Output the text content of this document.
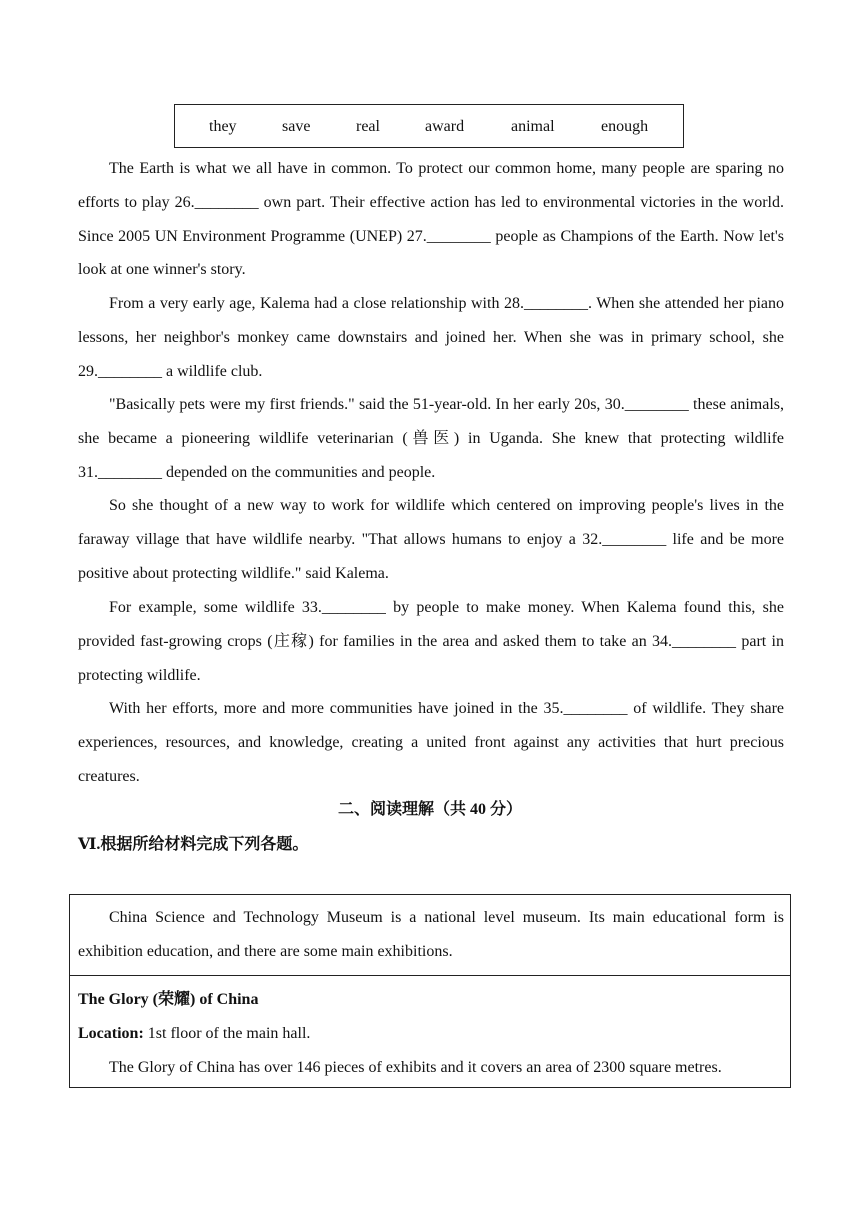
they	save	real	award	animal	enough

The Earth is what we all have in common. To protect our common home, many people are sparing no efforts to play 26.________ own part. Their effective action has led to environmental victories in the world. Since 2005 UN Environment Programme (UNEP) 27.________ people as Champions of the Earth. Now let's look at one winner's story.

From a very early age, Kalema had a close relationship with 28.________. When she attended her piano lessons, her neighbor's monkey came downstairs and joined her. When she was in primary school, she 29.________ a wildlife club.

"Basically pets were my first friends." said the 51-year-old. In her early 20s, 30.________ these animals, she became a pioneering wildlife veterinarian (兽医) in Uganda. She knew that protecting wildlife 31.________ depended on the communities and people.

So she thought of a new way to work for wildlife which centered on improving people's lives in the faraway village that have wildlife nearby. "That allows humans to enjoy a 32.________ life and be more positive about protecting wildlife." said Kalema.

For example, some wildlife 33.________ by people to make money. When Kalema found this, she provided fast-growing crops (庄稼) for families in the area and asked them to take an 34.________ part in protecting wildlife.

With her efforts, more and more communities have joined in the 35.________ of wildlife. They share experiences, resources, and knowledge, creating a united front against any activities that hurt precious creatures.

二、阅读理解（共 40 分）
Ⅵ.根据所给材料完成下列各题。

China Science and Technology Museum is a national level museum. Its main educational form is exhibition education, and there are some main exhibitions.

The Glory (荣耀) of China

Location: 1st floor of the main hall.

The Glory of China has over 146 pieces of exhibits and it covers an area of 2300 square metres.
